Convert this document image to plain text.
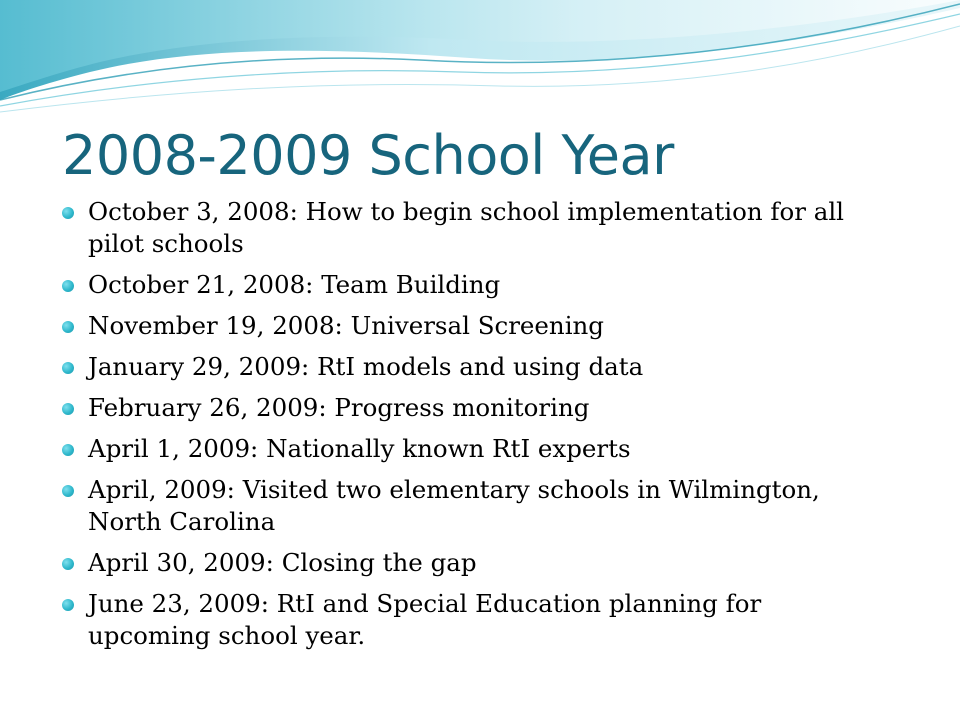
2008-2009 School Year
October 3, 2008: How to begin school implementation for all pilot schools
October 21, 2008: Team Building
November 19, 2008: Universal Screening
January 29, 2009: RtI models and using data
February 26, 2009: Progress monitoring
April 1, 2009: Nationally known RtI experts
April, 2009: Visited two elementary schools in Wilmington, North Carolina
April 30, 2009: Closing the gap
June 23, 2009: RtI and Special Education planning for upcoming school year.
